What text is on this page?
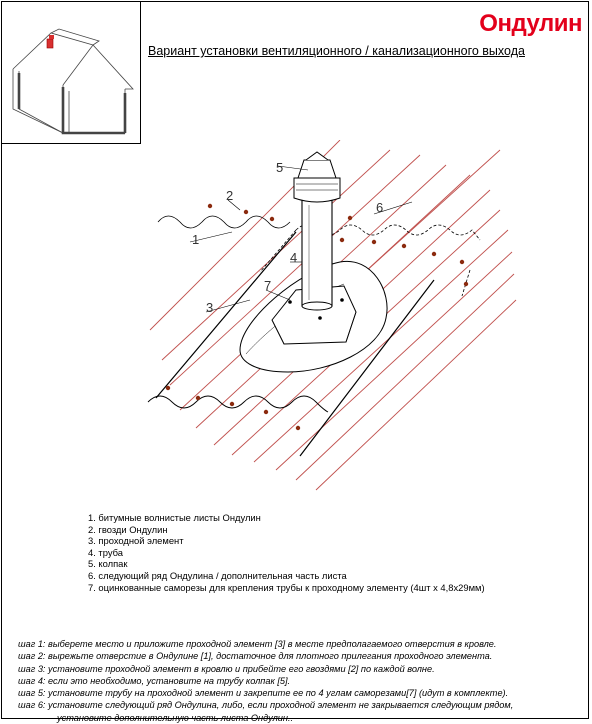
Ондулин
Вариант установки вентиляционного / канализационного выхода
1
2
3
4
5
6
7
1. битумные волнистые листы Ондулин
2. гвозди Ондулин
3. проходной элемент
4. труба
5. колпак
6. следующий ряд Ондулина / дополнительная часть листа
7. оцинкованные саморезы для крепления трубы к проходному элементу (4шт х 4,8х29мм)
шаг 1: выберете место и приложите проходной элемент [3] в месте предполагаемого отверстия в кровле.
шаг 2: вырежьте отверстие в Ондулине [1], достаточное для плотного прилегания проходного элемента.
шаг 3: установите проходной элемент в кровлю и прибейте его гвоздями [2] по каждой волне.
шаг 4: если это необходимо, установите на трубу колпак [5].
шаг 5: установите трубу на проходной элемент и закрепите ее по 4 углам саморезами[7] (идут в комплекте).
шаг 6: установите следующий ряд Ондулина, либо, если проходной элемент не закрывается следующим рядом,
установите дополнительную часть листа Ондулин..
